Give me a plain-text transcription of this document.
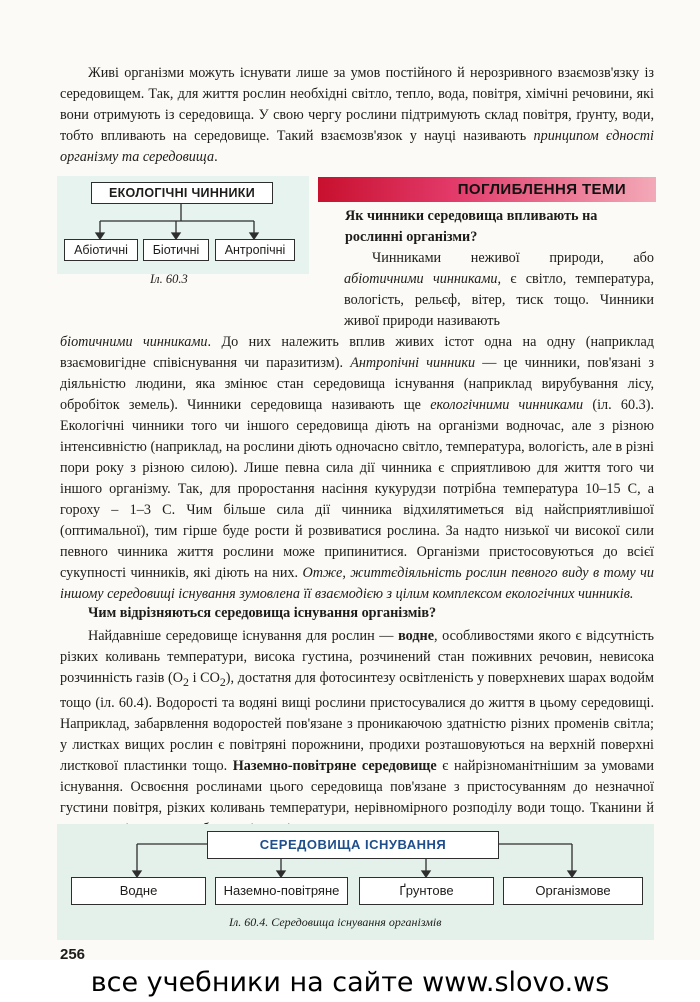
Живі організми можуть існувати лише за умов постійного й нерозривного взаємозв'язку із середовищем. Так, для життя рослин необхідні світло, тепло, вода, повітря, хімічні речовини, які вони отримують із середовища. У свою чергу рослини підтримують склад повітря, ґрунту, води, тобто впливають на середовище. Такий взаємозв'язок у науці називають принципом єдності організму та середовища.
ЕКОЛОГІЧНІ ЧИННИКИ
Абіотичні	Біотичні	Антропічні
Іл. 60.3
ПОГЛИБЛЕННЯ ТЕМИ
Як чинники середовища впливають на рослинні організми?
Чинниками неживої природи, або абіотичними чинниками, є світло, температура, вологість, рельєф, вітер, тиск тощо. Чинники живої природи називають
біотичними чинниками. До них належить вплив живих істот одна на одну (наприклад взаємовигідне співіснування чи паразитизм). Антропічні чинники — це чинники, пов'язані з діяльністю людини, яка змінює стан середовища існування (наприклад вирубування лісу, обробіток земель). Чинники середовища називають ще екологічними чинниками (іл. 60.3). Екологічні чинники того чи іншого середовища діють на організми водночас, але з різною інтенсивністю (наприклад, на рослини діють одночасно світло, температура, вологість, але в різні пори року з різною силою). Лише певна сила дії чинника є сприятливою для життя того чи іншого організму. Так, для проростання насіння кукурудзи потрібна температура 10–15 С, а гороху – 1–3 С. Чим більше сила дії чинника відхилятиметься від найсприятливішої (оптимальної), тим гірше буде рости й розвиватися рослина. За надто низької чи високої сили певного чинника життя рослини може припинитися. Організми пристосовуються до всієї сукупності чинників, які діють на них. Отже, життєдіяльність рослин певного виду в тому чи іншому середовищі існування зумовлена її взаємодією з цілим комплексом екологічних чинників.
Чим відрізняються середовища існування організмів?
Найдавніше середовище існування для рослин — водне, особливостями якого є відсутність різких коливань температури, висока густина, розчинений стан поживних речовин, невисока розчинність газів ($O_2$ і $CO_2$), достатня для фотосинтезу освітленість у поверхневих шарах водойм тощо (іл. 60.4). Водорості та водяні вищі рослини пристосувалися до життя в цьому середовищі. Наприклад, забарвлення водоростей пов'язане з проникаючою здатністю різних променів світла; у листках вищих рослин є повітряні порожнини, продихи розташовуються на верхній поверхні листкової пластинки тощо. Наземно-повітряне середовище є найрізноманітнішим за умовами існування. Освоєння рослинами цього середовища пов'язане з пристосуванням до незначної густини повітря, різких коливань температури, нерівномірного розподілу води тощо. Тканини й
СЕРЕДОВИЩА ІСНУВАННЯ
Водне	Наземно-повітряне	Ґрунтове	Організмове
Іл. 60.4. Середовища існування організмів
256
все учебники на сайте www.slovo.ws
